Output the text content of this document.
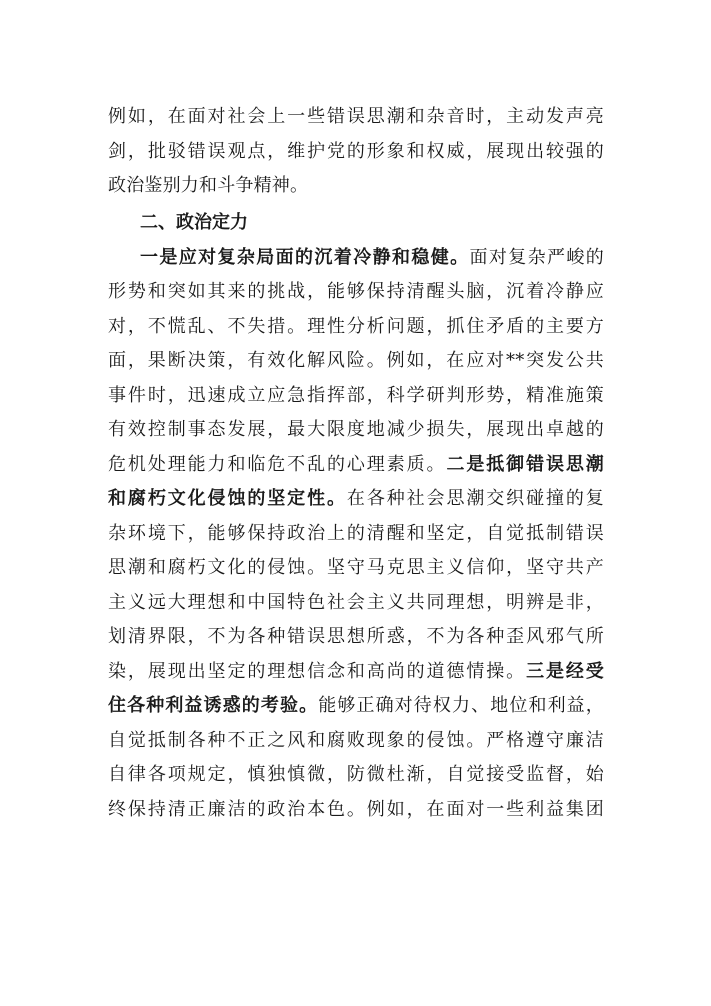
例如，在面对社会上一些错误思潮和杂音时，主动发声亮
剑，批驳错误观点，维护党的形象和权威，展现出较强的
政治鉴别力和斗争精神。
二、政治定力
一是应对复杂局面的沉着冷静和稳健。面对复杂严峻的
形势和突如其来的挑战，能够保持清醒头脑，沉着冷静应
对，不慌乱、不失措。理性分析问题，抓住矛盾的主要方
面，果断决策，有效化解风险。例如，在应对**突发公共
事件时，迅速成立应急指挥部，科学研判形势，精准施策
有效控制事态发展，最大限度地减少损失，展现出卓越的
危机处理能力和临危不乱的心理素质。二是抵御错误思潮
和腐朽文化侵蚀的坚定性。在各种社会思潮交织碰撞的复
杂环境下，能够保持政治上的清醒和坚定，自觉抵制错误
思潮和腐朽文化的侵蚀。坚守马克思主义信仰，坚守共产
主义远大理想和中国特色社会主义共同理想，明辨是非，
划清界限，不为各种错误思想所惑，不为各种歪风邪气所
染，展现出坚定的理想信念和高尚的道德情操。三是经受
住各种利益诱惑的考验。能够正确对待权力、地位和利益，
自觉抵制各种不正之风和腐败现象的侵蚀。严格遵守廉洁
自律各项规定，慎独慎微，防微杜渐，自觉接受监督，始
终保持清正廉洁的政治本色。例如，在面对一些利益集团
